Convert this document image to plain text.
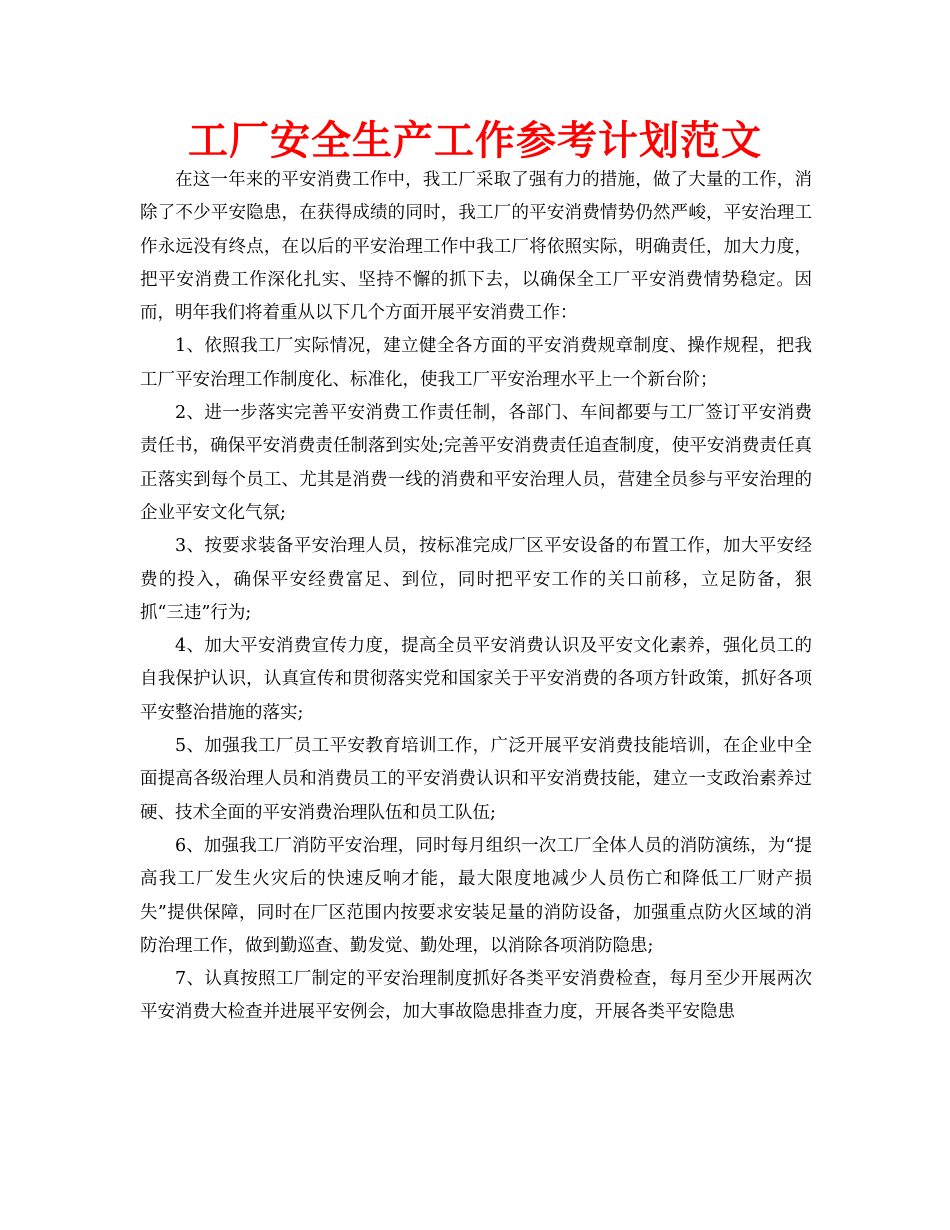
工厂安全生产工作参考计划范文

在这一年来的平安消费工作中，我工厂采取了强有力的措施，做了大量的工作，消除了不少平安隐患，在获得成绩的同时，我工厂的平安消费情势仍然严峻，平安治理工作永远没有终点，在以后的平安治理工作中我工厂将依照实际，明确责任，加大力度，把平安消费工作深化扎实、坚持不懈的抓下去，以确保全工厂平安消费情势稳定。因而，明年我们将着重从以下几个方面开展平安消费工作：

1、依照我工厂实际情况，建立健全各方面的平安消费规章制度、操作规程，把我工厂平安治理工作制度化、标准化，使我工厂平安治理水平上一个新台阶；

2、进一步落实完善平安消费工作责任制，各部门、车间都要与工厂签订平安消费责任书，确保平安消费责任制落到实处;完善平安消费责任追查制度，使平安消费责任真正落实到每个员工、尤其是消费一线的消费和平安治理人员，营建全员参与平安治理的企业平安文化气氛;

3、按要求装备平安治理人员，按标准完成厂区平安设备的布置工作，加大平安经费的投入，确保平安经费富足、到位，同时把平安工作的关口前移，立足防备，狠抓“三违”行为;

4、加大平安消费宣传力度，提高全员平安消费认识及平安文化素养，强化员工的自我保护认识，认真宣传和贯彻落实党和国家关于平安消费的各项方针政策，抓好各项平安整治措施的落实;

5、加强我工厂员工平安教育培训工作，广泛开展平安消费技能培训，在企业中全面提高各级治理人员和消费员工的平安消费认识和平安消费技能，建立一支政治素养过硬、技术全面的平安消费治理队伍和员工队伍;

6、加强我工厂消防平安治理，同时每月组织一次工厂全体人员的消防演练，为“提高我工厂发生火灾后的快速反响才能，最大限度地减少人员伤亡和降低工厂财产损失”提供保障，同时在厂区范围内按要求安装足量的消防设备，加强重点防火区域的消防治理工作，做到勤巡查、勤发觉、勤处理，以消除各项消防隐患;

7、认真按照工厂制定的平安治理制度抓好各类平安消费检查，每月至少开展两次平安消费大检查并进展平安例会，加大事故隐患排查力度，开展各类平安隐患
